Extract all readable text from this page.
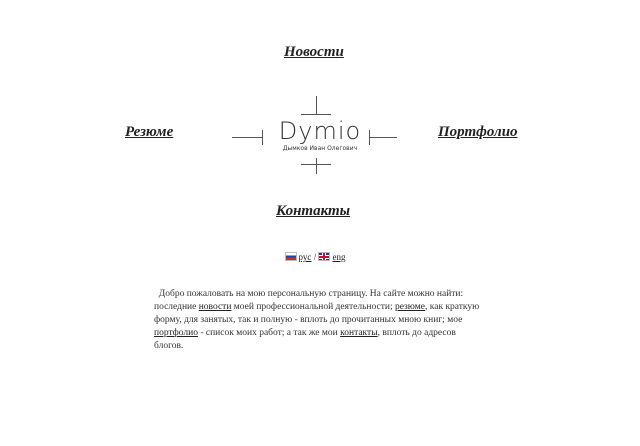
Новости
Резюме	Портфолио
Контакты
Dymio
Дымков Иван Олегович
рус / eng
Добро пожаловать на мою персональную страницу. На сайте можно найти: последние новости моей профессиональной деятельности; резюме, как краткую форму, для занятых, так и полную - вплоть до прочитанных мною книг; мое портфолио - список моих работ; а так же мои контакты, вплоть до адресов блогов.
